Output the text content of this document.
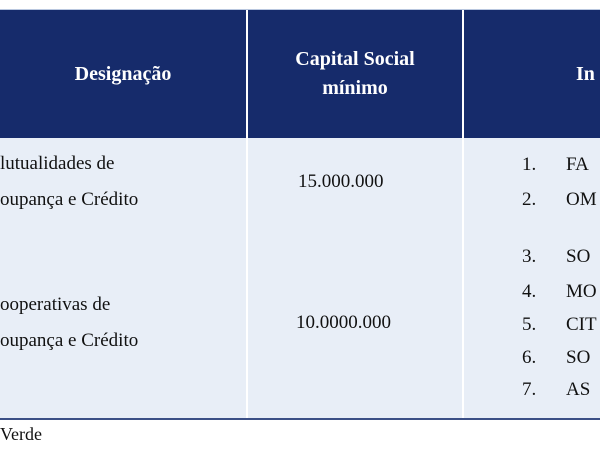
Designação
Capital Social
mínimo
In
lutualidades de
oupança e Crédito
15.000.000
1. FA
2. OM
ooperativas de
oupança e Crédito
10.0000.000
3. SO
4. MO
5. CIT
6. SO
7. AS
Verde
